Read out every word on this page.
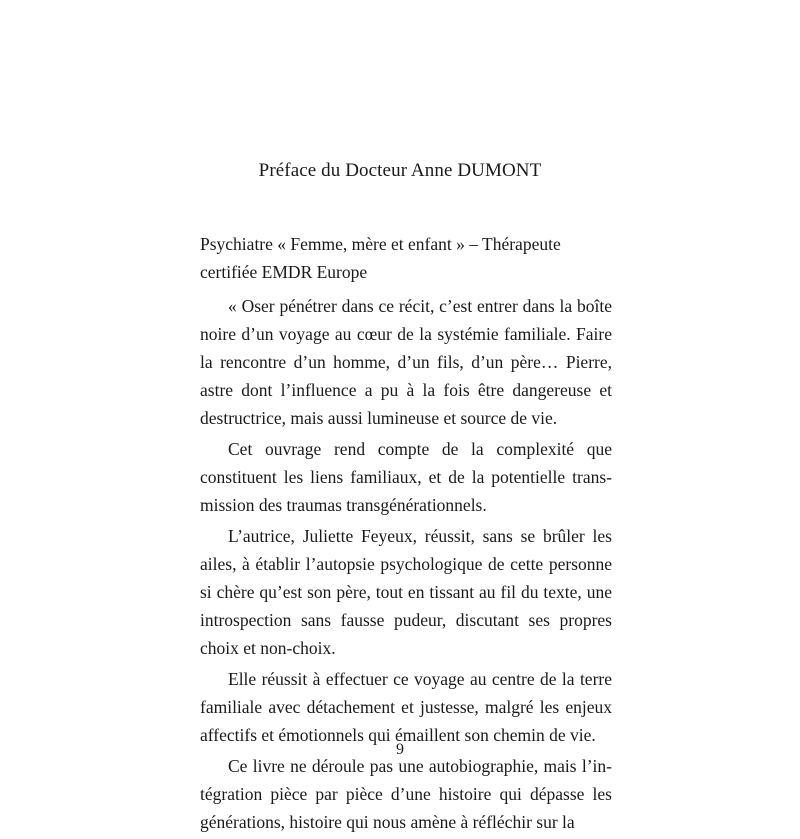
Préface du Docteur Anne DUMONT
Psychiatre « Femme, mère et enfant » – Thérapeute certifiée EMDR Europe

« Oser pénétrer dans ce récit, c’est entrer dans la boîte noire d’un voyage au cœur de la systémie familiale. Faire la rencontre d’un homme, d’un fils, d’un père… Pierre, astre dont l’influence a pu à la fois être dangereuse et destructrice, mais aussi lumineuse et source de vie.

Cet ouvrage rend compte de la complexité que constituent les liens familiaux, et de la potentielle transmission des traumas transgénérationnels.

L’autrice, Juliette Feyeux, réussit, sans se brûler les ailes, à établir l’autopsie psychologique de cette personne si chère qu’est son père, tout en tissant au fil du texte, une introspection sans fausse pudeur, discutant ses propres choix et non-choix.

Elle réussit à effectuer ce voyage au centre de la terre familiale avec détachement et justesse, malgré les enjeux affectifs et émotionnels qui émaillent son chemin de vie.

Ce livre ne déroule pas une autobiographie, mais l’intégration pièce par pièce d’une histoire qui dépasse les générations, histoire qui nous amène à réfléchir sur la

9
